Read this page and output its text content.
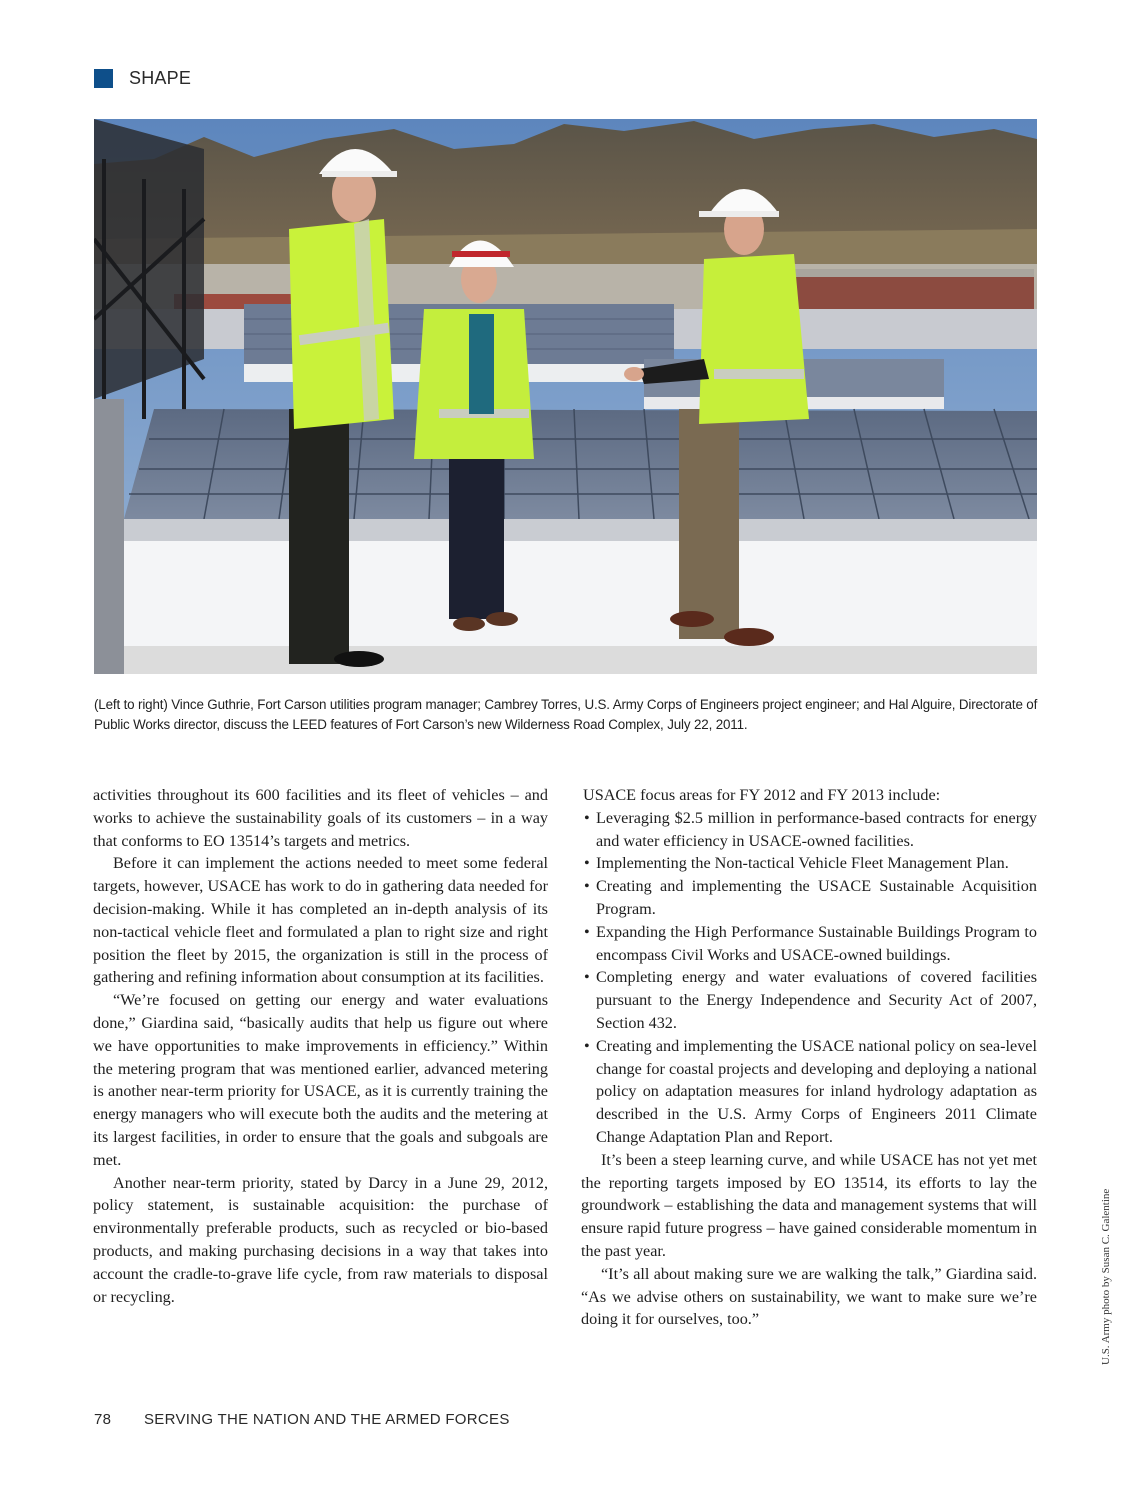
SHAPE
(Left to right) Vince Guthrie, Fort Carson utilities program manager; Cambrey Torres, U.S. Army Corps of Engineers project engineer; and Hal Alguire, Directorate of Public Works director, discuss the LEED features of Fort Carson’s new Wilderness Road Complex, July 22, 2011.

activities throughout its 600 facilities and its fleet of vehicles – and works to achieve the sustainability goals of its customers – in a way that conforms to EO 13514’s targets and metrics.

Before it can implement the actions needed to meet some federal targets, however, USACE has work to do in gathering data needed for decision-making. While it has completed an in-depth analysis of its non-tactical vehicle fleet and formulated a plan to right size and right position the fleet by 2015, the organization is still in the process of gathering and refining information about consumption at its facilities.

“We’re focused on getting our energy and water evaluations done,” Giardina said, “basically audits that help us figure out where we have opportunities to make improvements in efficiency.” Within the metering program that was mentioned earlier, advanced metering is another near-term priority for USACE, as it is currently training the energy managers who will execute both the audits and the metering at its largest facilities, in order to ensure that the goals and subgoals are met.

Another near-term priority, stated by Darcy in a June 29, 2012, policy statement, is sustainable acquisition: the purchase of environmentally preferable products, such as recycled or bio-based products, and making purchasing decisions in a way that takes into account the cradle-to-grave life cycle, from raw materials to disposal or recycling.

USACE focus areas for FY 2012 and FY 2013 include:

• Leveraging $2.5 million in performance-based contracts for energy and water efficiency in USACE-owned facilities.
• Implementing the Non-tactical Vehicle Fleet Management Plan.
• Creating and implementing the USACE Sustainable Acquisition Program.
• Expanding the High Performance Sustainable Buildings Program to encompass Civil Works and USACE-owned buildings.
• Completing energy and water evaluations of covered facilities pursuant to the Energy Independence and Security Act of 2007, Section 432.
• Creating and implementing the USACE national policy on sea-level change for coastal projects and developing and deploying a national policy on adaptation measures for inland hydrology adaptation as described in the U.S. Army Corps of Engineers 2011 Climate Change Adaptation Plan and Report.

It’s been a steep learning curve, and while USACE has not yet met the reporting targets imposed by EO 13514, its efforts to lay the groundwork – establishing the data and management systems that will ensure rapid future progress – have gained considerable momentum in the past year.

“It’s all about making sure we are walking the talk,” Giardina said. “As we advise others on sustainability, we want to make sure we’re doing it for ourselves, too.”	U.S. Army photo by Susan C. Galentine
78	SERVING THE NATION AND THE ARMED FORCES
